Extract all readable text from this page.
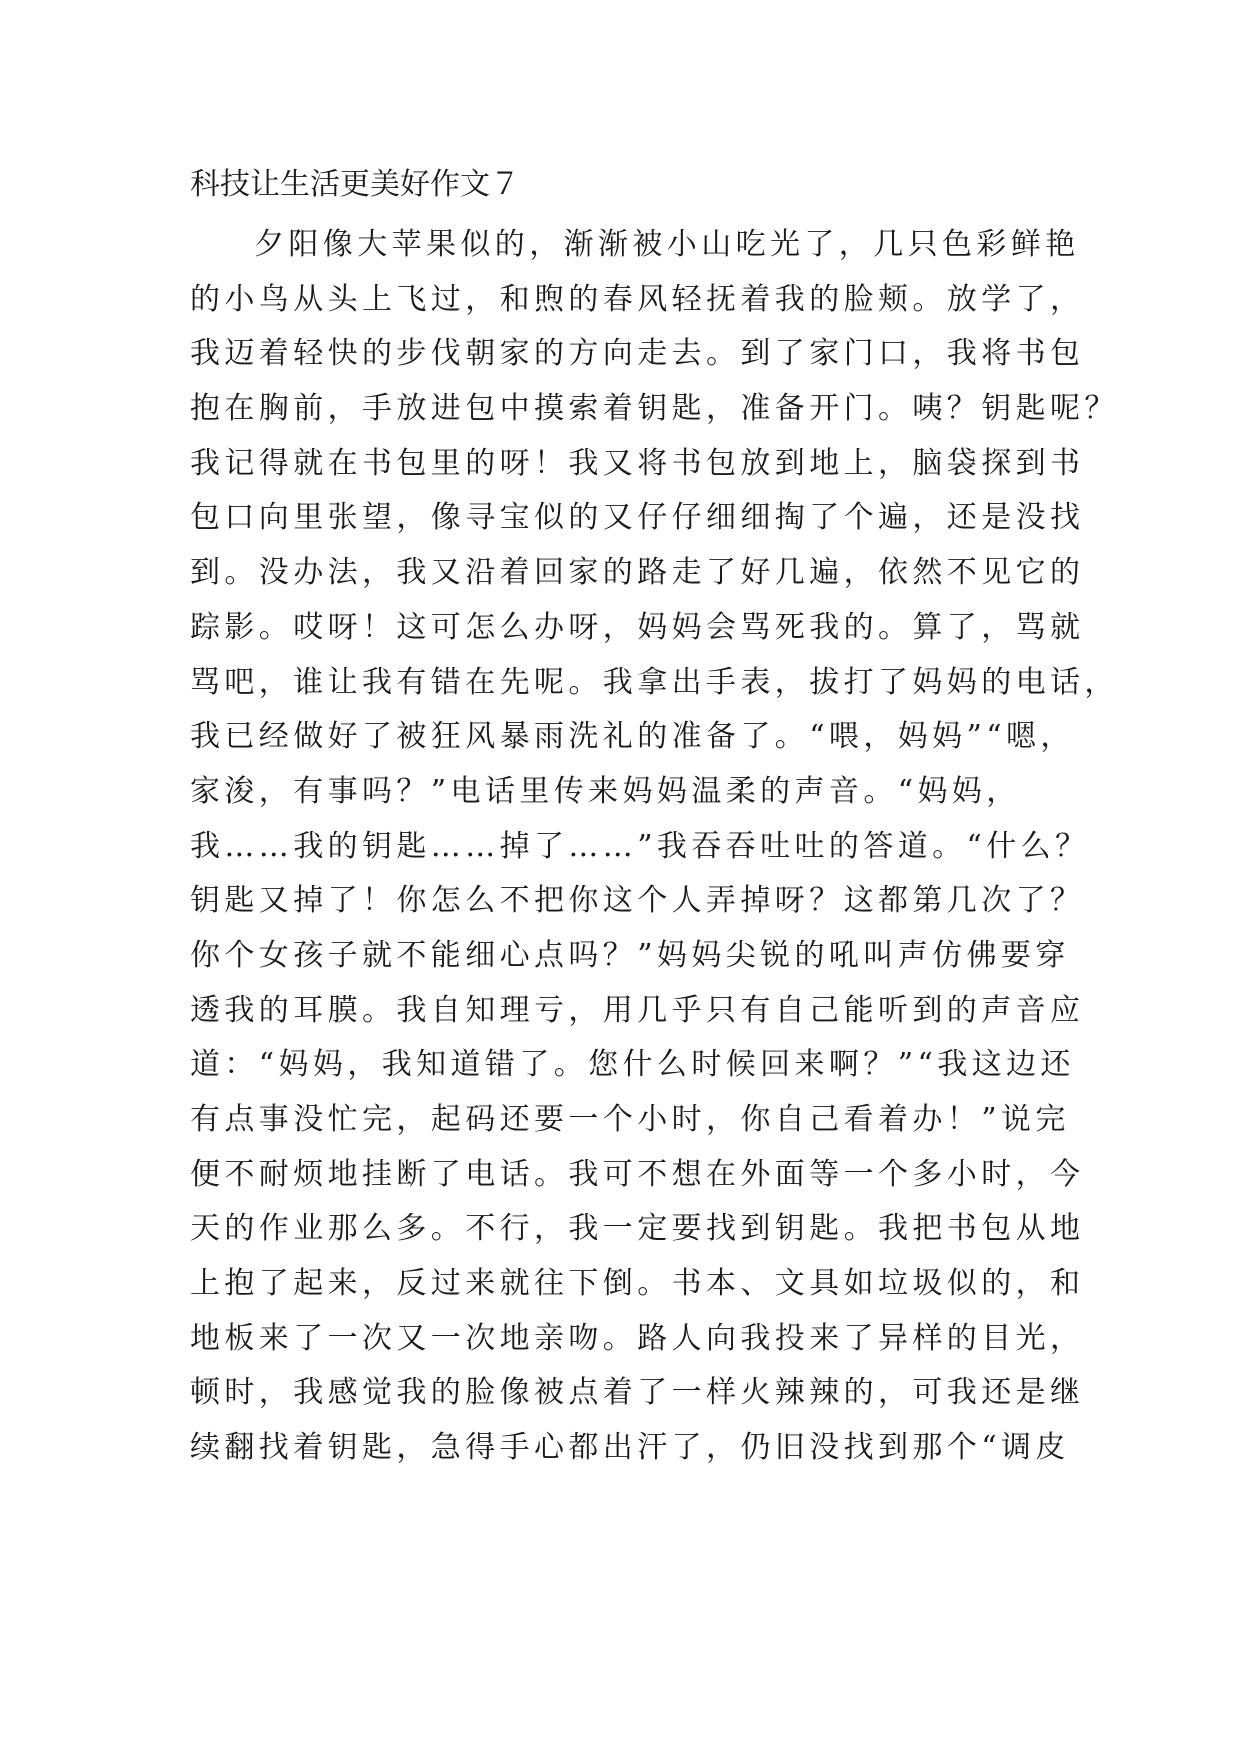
科技让生活更美好作文７
夕阳像大苹果似的，渐渐被小山吃光了，几只色彩鲜艳
的小鸟从头上飞过，和煦的春风轻抚着我的脸颊。放学了，
我迈着轻快的步伐朝家的方向走去。到了家门口，我将书包
抱在胸前，手放进包中摸索着钥匙，准备开门。咦？钥匙呢？
我记得就在书包里的呀！我又将书包放到地上，脑袋探到书
包口向里张望，像寻宝似的又仔仔细细掏了个遍，还是没找
到。没办法，我又沿着回家的路走了好几遍，依然不见它的
踪影。哎呀！这可怎么办呀，妈妈会骂死我的。算了，骂就
骂吧，谁让我有错在先呢。我拿出手表，拔打了妈妈的电话，
我已经做好了被狂风暴雨洗礼的准备了。“喂，妈妈”“嗯，
家浚，有事吗？”电话里传来妈妈温柔的声音。“妈妈，
我……我的钥匙……掉了……”我吞吞吐吐的答道。“什么？
钥匙又掉了！你怎么不把你这个人弄掉呀？这都第几次了？
你个女孩子就不能细心点吗？”妈妈尖锐的吼叫声仿佛要穿
透我的耳膜。我自知理亏，用几乎只有自己能听到的声音应
道：“妈妈，我知道错了。您什么时候回来啊？”“我这边还
有点事没忙完，起码还要一个小时，你自己看着办！”说完
便不耐烦地挂断了电话。我可不想在外面等一个多小时，今
天的作业那么多。不行，我一定要找到钥匙。我把书包从地
上抱了起来，反过来就往下倒。书本、文具如垃圾似的，和
地板来了一次又一次地亲吻。路人向我投来了异样的目光，
顿时，我感觉我的脸像被点着了一样火辣辣的，可我还是继
续翻找着钥匙，急得手心都出汗了，仍旧没找到那个“调皮
